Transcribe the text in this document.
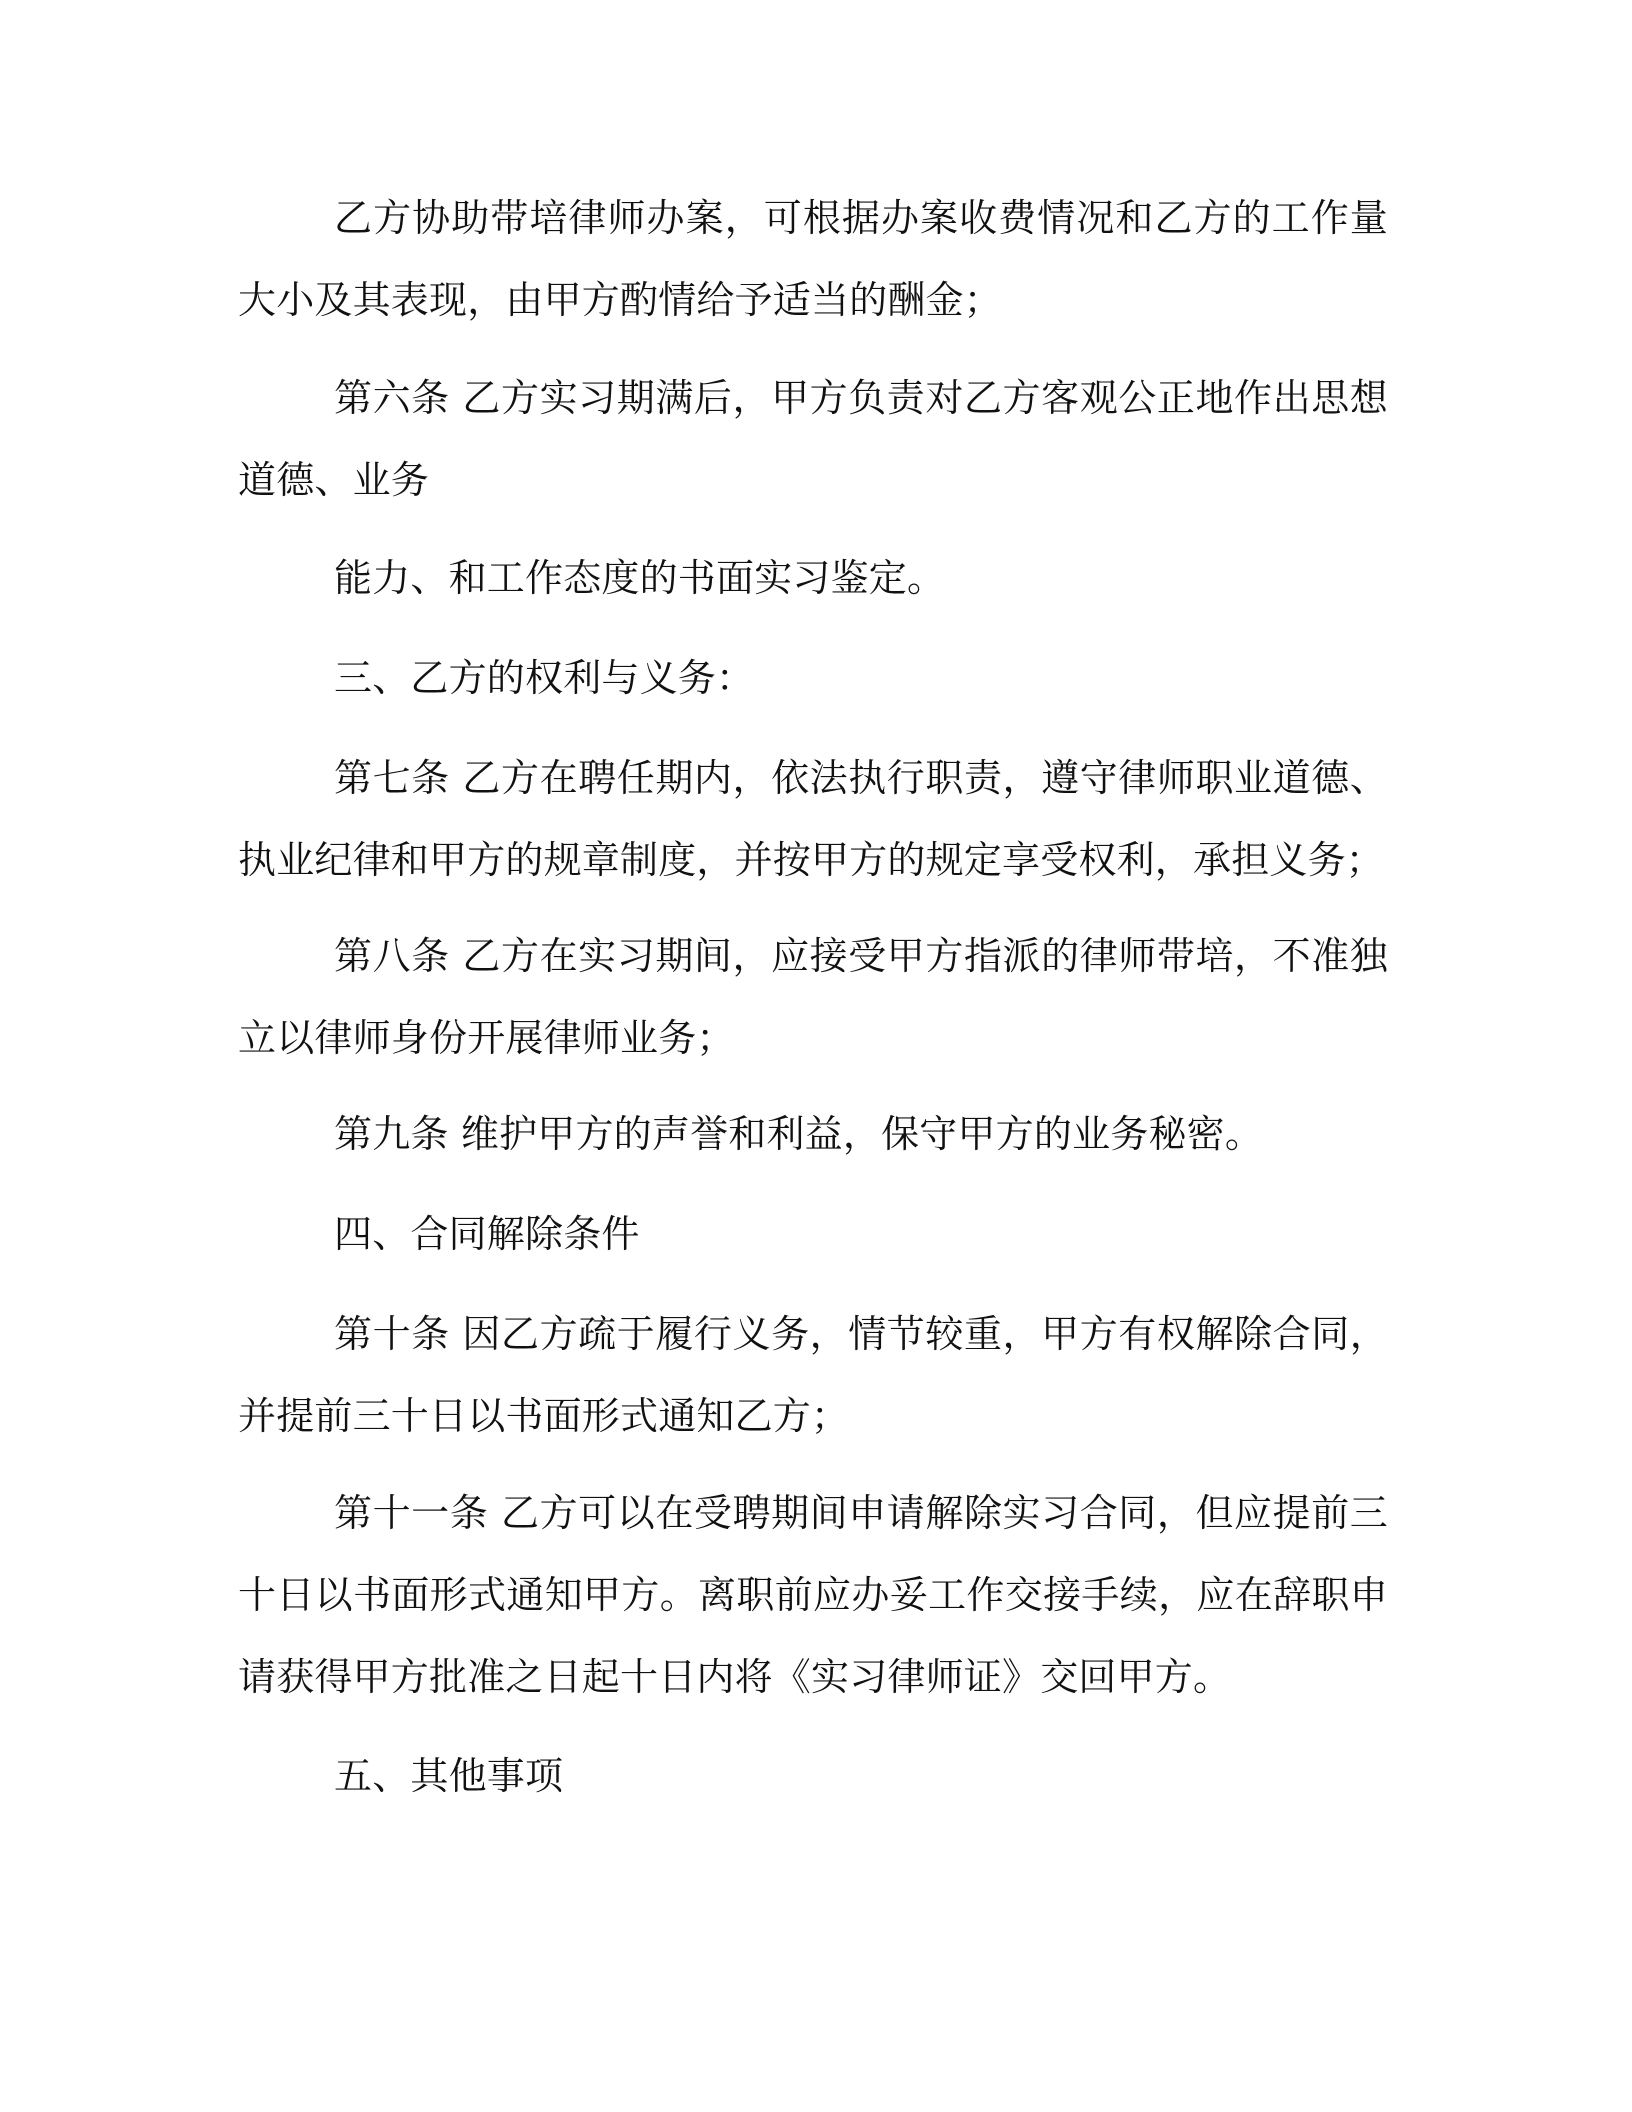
乙方协助带培律师办案，可根据办案收费情况和乙方的工作量大小及其表现，由甲方酌情给予适当的酬金；

第六条 乙方实习期满后，甲方负责对乙方客观公正地作出思想道德、业务

能力、和工作态度的书面实习鉴定。

三、乙方的权利与义务：

第七条 乙方在聘任期内，依法执行职责，遵守律师职业道德、执业纪律和甲方的规章制度，并按甲方的规定享受权利，承担义务；

第八条 乙方在实习期间，应接受甲方指派的律师带培，不准独立以律师身份开展律师业务；

第九条 维护甲方的声誉和利益，保守甲方的业务秘密。

四、合同解除条件

第十条 因乙方疏于履行义务，情节较重，甲方有权解除合同，并提前三十日以书面形式通知乙方；

第十一条 乙方可以在受聘期间申请解除实习合同，但应提前三十日以书面形式通知甲方。离职前应办妥工作交接手续，应在辞职申请获得甲方批准之日起十日内将《实习律师证》交回甲方。

五、其他事项
